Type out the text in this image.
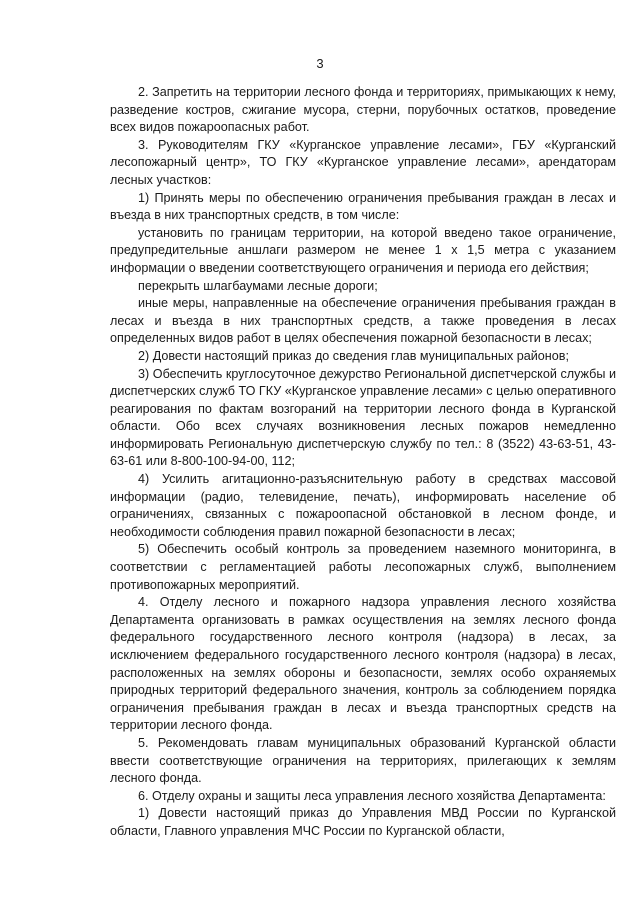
3

2. Запретить на территории лесного фонда и территориях, примыкающих к нему, разведение костров, сжигание мусора, стерни, порубочных остатков, проведение всех видов пожароопасных работ.

3. Руководителям ГКУ «Курганское управление лесами», ГБУ «Курганский лесопожарный центр», ТО ГКУ «Курганское управление лесами», арендаторам лесных участков:

1) Принять меры по обеспечению ограничения пребывания граждан в лесах и въезда в них транспортных средств, в том числе:

установить по границам территории, на которой введено такое ограничение, предупредительные аншлаги размером не менее 1 х 1,5 метра с указанием информации о введении соответствующего ограничения и периода его действия;

перекрыть шлагбаумами лесные дороги;

иные меры, направленные на обеспечение ограничения пребывания граждан в лесах и въезда в них транспортных средств, а также проведения в лесах определенных видов работ в целях обеспечения пожарной безопасности в лесах;

2) Довести настоящий приказ до сведения глав муниципальных районов;

3) Обеспечить круглосуточное дежурство Региональной диспетчерской службы и диспетчерских служб ТО ГКУ «Курганское управление лесами» с целью оперативного реагирования по фактам возгораний на территории лесного фонда в Курганской области. Обо всех случаях возникновения лесных пожаров немедленно информировать Региональную диспетчерскую службу по тел.: 8 (3522) 43-63-51, 43-63-61 или 8-800-100-94-00, 112;

4) Усилить агитационно-разъяснительную работу в средствах массовой информации (радио, телевидение, печать), информировать население об ограничениях, связанных с пожароопасной обстановкой в лесном фонде, и необходимости соблюдения правил пожарной безопасности в лесах;

5) Обеспечить особый контроль за проведением наземного мониторинга, в соответствии с регламентацией работы лесопожарных служб, выполнением противопожарных мероприятий.

4. Отделу лесного и пожарного надзора управления лесного хозяйства Департамента организовать в рамках осуществления на землях лесного фонда федерального государственного лесного контроля (надзора) в лесах, за исключением федерального государственного лесного контроля (надзора) в лесах, расположенных на землях обороны и безопасности, землях особо охраняемых природных территорий федерального значения, контроль за соблюдением порядка ограничения пребывания граждан в лесах и въезда транспортных средств на территории лесного фонда.

5. Рекомендовать главам муниципальных образований Курганской области ввести соответствующие ограничения на территориях, прилегающих к землям лесного фонда.

6. Отделу охраны и защиты леса управления лесного хозяйства Департамента:

1) Довести настоящий приказ до Управления МВД России по Курганской области, Главного управления МЧС России по Курганской области,
